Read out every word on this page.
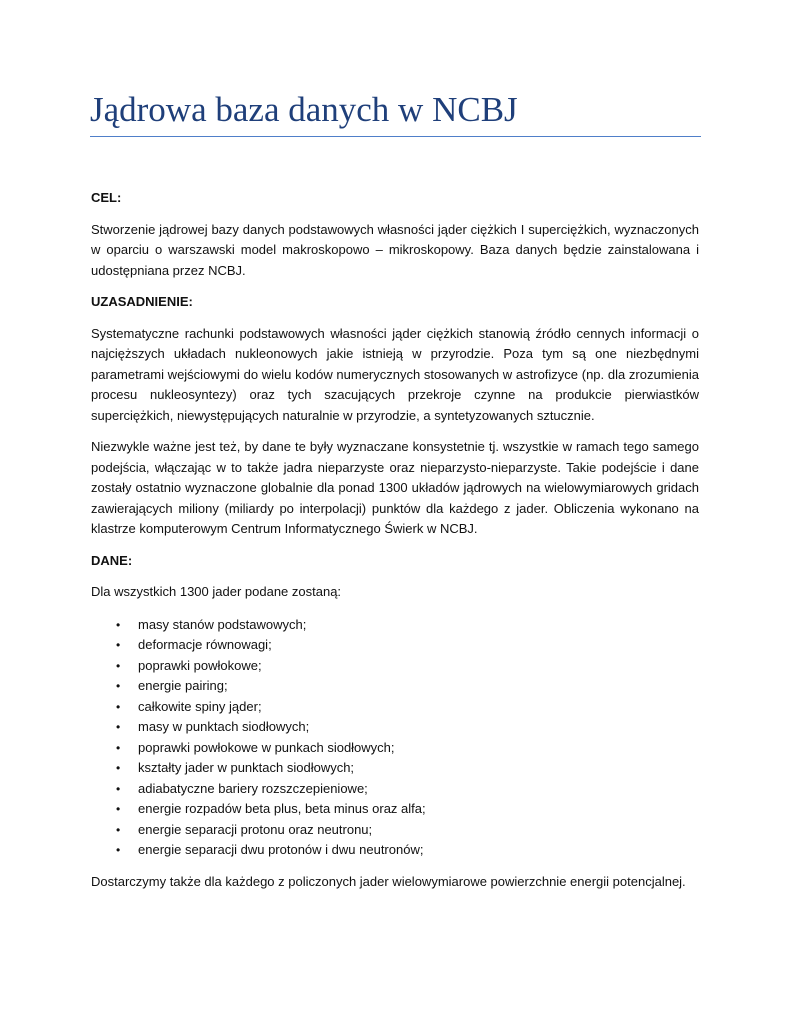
Jądrowa baza danych w NCBJ

CEL:

Stworzenie jądrowej bazy danych podstawowych własności jąder ciężkich I superciężkich, wyznaczonych w oparciu o warszawski model makroskopowo – mikroskopowy. Baza danych będzie zainstalowana i udostępniana przez NCBJ.

UZASADNIENIE:

Systematyczne rachunki podstawowych własności jąder ciężkich stanowią źródło cennych informacji o najcięższych układach nukleonowych jakie istnieją w przyrodzie. Poza tym są one niezbędnymi parametrami wejściowymi do wielu kodów numerycznych stosowanych w astrofizyce (np. dla zrozumienia procesu nukleosyntezy) oraz tych szacujących przekroje czynne na produkcie pierwiastków superciężkich, niewystępujących naturalnie w przyrodzie, a syntetyzowanych sztucznie.

Niezwykle ważne jest też, by dane te były wyznaczane konsystetnie tj. wszystkie w ramach tego samego podejścia, włączając w to także jadra nieparzyste oraz nieparzysto-nieparzyste. Takie podejście i dane zostały ostatnio wyznaczone globalnie dla ponad 1300 układów jądrowych na wielowymiarowych gridach zawierających miliony (miliardy po interpolacji) punktów dla każdego z jader. Obliczenia wykonano na klastrze komputerowym Centrum Informatycznego Świerk w NCBJ.

DANE:

Dla wszystkich 1300 jader podane zostaną:

• masy stanów podstawowych;
• deformacje równowagi;
• poprawki powłokowe;
• energie pairing;
• całkowite spiny jąder;
• masy w punktach siodłowych;
• poprawki powłokowe w punkach siodłowych;
• kształty jader w punktach siodłowych;
• adiabatyczne bariery rozszczepieniowe;
• energie rozpadów beta plus, beta minus oraz alfa;
• energie separacji protonu oraz neutronu;
• energie separacji dwu protonów i dwu neutronów;

Dostarczymy także dla każdego z policzonych jader wielowymiarowe powierzchnie energii potencjalnej.
